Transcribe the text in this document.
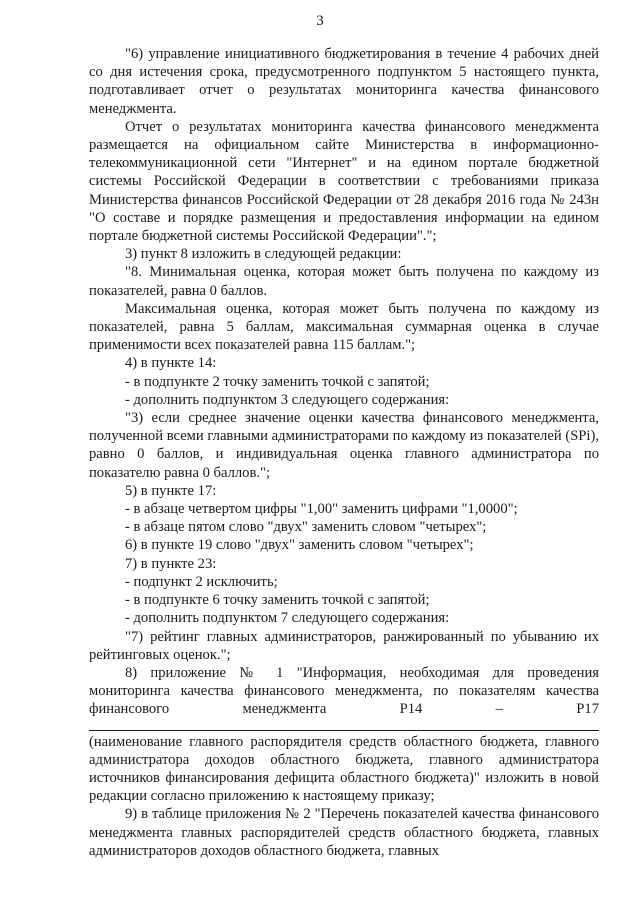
3

"6) управление инициативного бюджетирования в течение 4 рабочих дней со дня истечения срока, предусмотренного подпунктом 5 настоящего пункта, подготавливает отчет о результатах мониторинга качества финансового менеджмента.

Отчет о результатах мониторинга качества финансового менеджмента размещается на официальном сайте Министерства в информационно-телекоммуникационной сети "Интернет" и на едином портале бюджетной системы Российской Федерации в соответствии с требованиями приказа Министерства финансов Российской Федерации от 28 декабря 2016 года № 243н "О составе и порядке размещения и предоставления информации на едином портале бюджетной системы Российской Федерации".";

3) пункт 8 изложить в следующей редакции:

"8. Минимальная оценка, которая может быть получена по каждому из показателей, равна 0 баллов.

Максимальная оценка, которая может быть получена по каждому из показателей, равна 5 баллам, максимальная суммарная оценка в случае применимости всех показателей равна 115 баллам.";

4) в пункте 14:

- в подпункте 2 точку заменить точкой с запятой;

- дополнить подпунктом 3 следующего содержания:

"3) если среднее значение оценки качества финансового менеджмента, полученной всеми главными администраторами по каждому из показателей (SPi), равно 0 баллов, и индивидуальная оценка главного администратора по показателю равна 0 баллов.";

5) в пункте 17:

- в абзаце четвертом цифры "1,00" заменить цифрами "1,0000";

- в абзаце пятом слово "двух" заменить словом "четырех";

6) в пункте 19 слово "двух" заменить словом "четырех";

7) в пункте 23:

- подпункт 2 исключить;

- в подпункте 6 точку заменить точкой с запятой;

- дополнить подпунктом 7 следующего содержания:

"7) рейтинг главных администраторов, ранжированный по убыванию их рейтинговых оценок.";

8) приложение № 1 "Информация, необходимая для проведения мониторинга качества финансового менеджмента, по показателям качества финансового менеджмента Р14 – Р17

(наименование главного распорядителя средств областного бюджета, главного администратора доходов областного бюджета, главного администратора источников финансирования дефицита областного бюджета)" изложить в новой редакции согласно приложению к настоящему приказу;

9) в таблице приложения № 2 "Перечень показателей качества финансового менеджмента главных распорядителей средств областного бюджета, главных администраторов доходов областного бюджета, главных
